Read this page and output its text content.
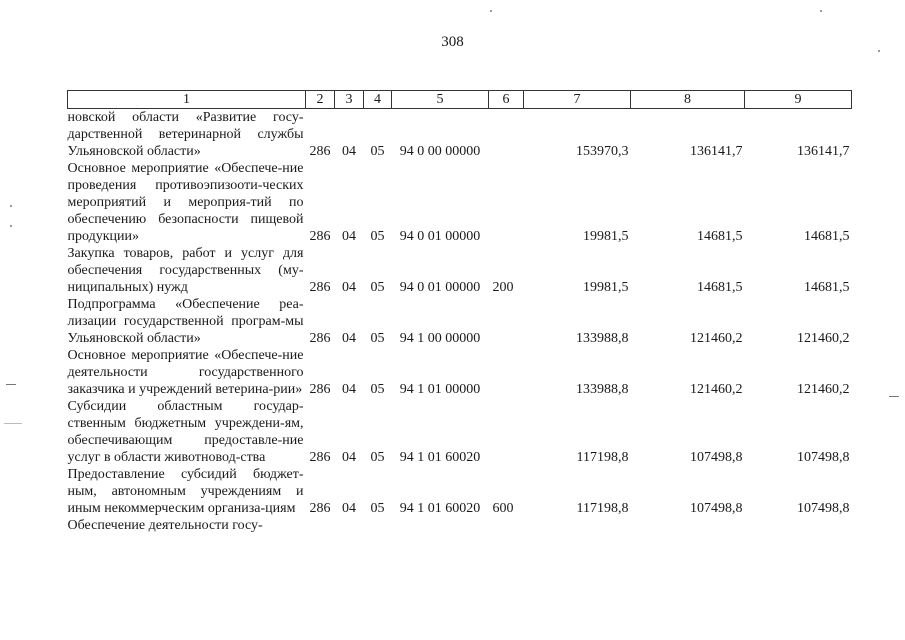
308
1	2	3	4	5	6	7	8	9
новской области «Развитие госу-дарственной ветеринарной службы Ульяновской области»	286	04	05	94 0 00 00000		153970,3	136141,7	136141,7
Основное мероприятие «Обеспече-ние проведения противоэпизооти-ческих мероприятий и мероприя-тий по обеспечению безопасности пищевой продукции»	286	04	05	94 0 01 00000		19981,5	14681,5	14681,5
Закупка товаров, работ и услуг для обеспечения государственных (му-ниципальных) нужд	286	04	05	94 0 01 00000	200	19981,5	14681,5	14681,5
Подпрограмма «Обеспечение реа-лизации государственной програм-мы Ульяновской области»	286	04	05	94 1 00 00000		133988,8	121460,2	121460,2
Основное мероприятие «Обеспече-ние деятельности государственного заказчика и учреждений ветерина-рии»	286	04	05	94 1 01 00000		133988,8	121460,2	121460,2
Субсидии областным государ-ственным бюджетным учреждени-ям, обеспечивающим предоставле-ние услуг в области животновод-ства	286	04	05	94 1 01 60020		117198,8	107498,8	107498,8
Предоставление субсидий бюджет-ным, автономным учреждениям и иным некоммерческим организа-циям	286	04	05	94 1 01 60020	600	117198,8	107498,8	107498,8
Обеспечение деятельности госу-								
